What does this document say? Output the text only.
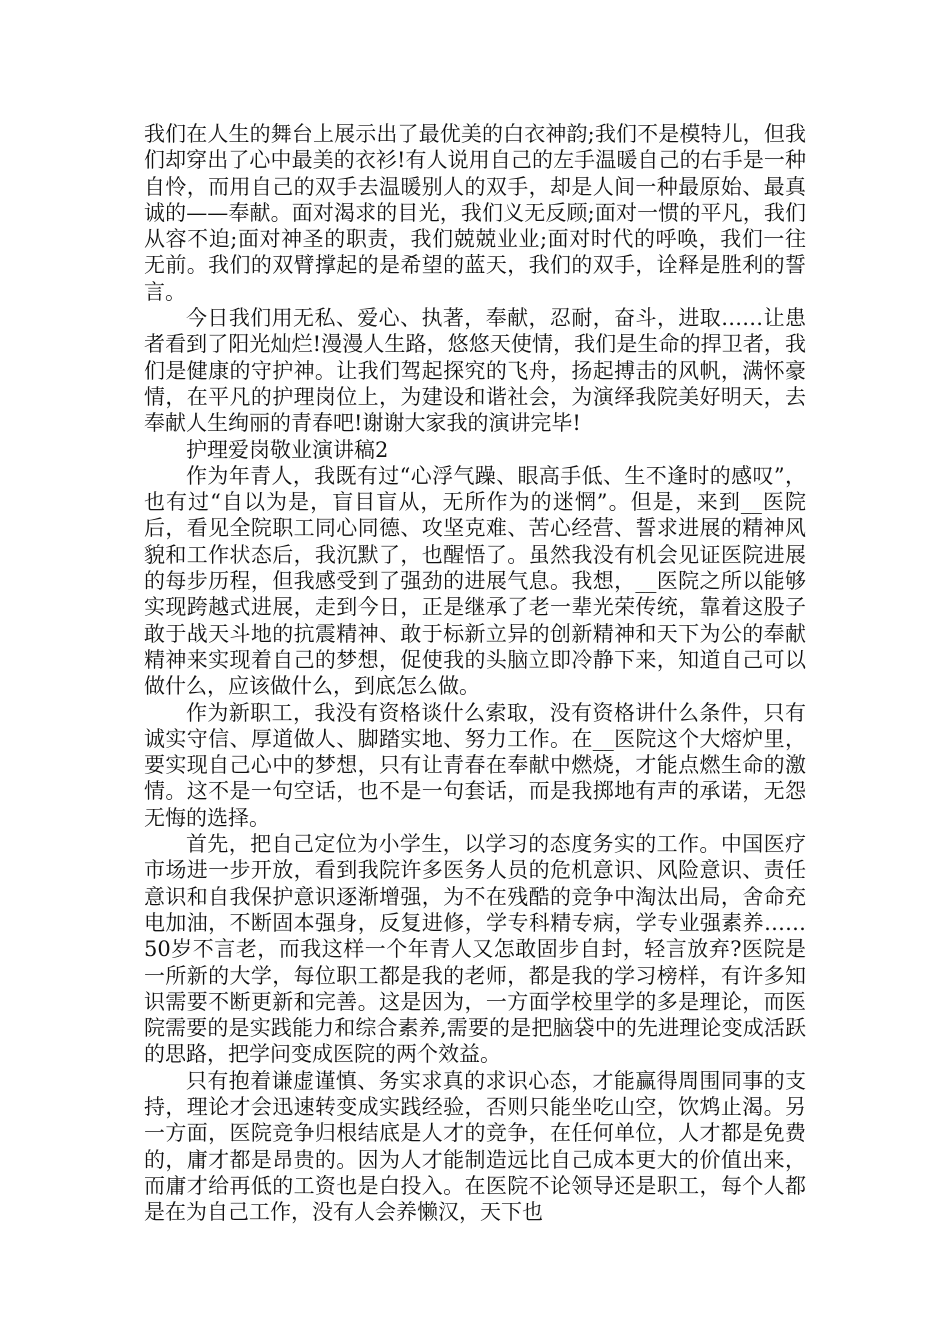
我们在人生的舞台上展示出了最优美的白衣神韵;我们不是模特儿，但我们却穿出了心中最美的衣衫!有人说用自己的左手温暖自己的右手是一种自怜，而用自己的双手去温暖别人的双手，却是人间一种最原始、最真诚的——奉献。面对渴求的目光，我们义无反顾;面对一惯的平凡，我们从容不迫;面对神圣的职责，我们兢兢业业;面对时代的呼唤，我们一往无前。我们的双臂撑起的是希望的蓝天，我们的双手，诠释是胜利的誓言。

今日我们用无私、爱心、执著，奉献，忍耐，奋斗，进取……让患者看到了阳光灿烂!漫漫人生路，悠悠天使情，我们是生命的捍卫者，我们是健康的守护神。让我们驾起探究的飞舟，扬起搏击的风帆，满怀豪情，在平凡的护理岗位上，为建设和谐社会，为演绎我院美好明天，去奉献人生绚丽的青春吧!谢谢大家我的演讲完毕!

护理爱岗敬业演讲稿2

作为年青人，我既有过“心浮气躁、眼高手低、生不逢时的感叹”，也有过“自以为是，盲目盲从，无所作为的迷惘”。但是，来到__医院后，看见全院职工同心同德、攻坚克难、苦心经营、誓求进展的精神风貌和工作状态后，我沉默了，也醒悟了。虽然我没有机会见证医院进展的每步历程，但我感受到了强劲的进展气息。我想，__医院之所以能够实现跨越式进展，走到今日，正是继承了老一辈光荣传统，靠着这股子敢于战天斗地的抗震精神、敢于标新立异的创新精神和天下为公的奉献精神来实现着自己的梦想，促使我的头脑立即冷静下来，知道自己可以做什么，应该做什么，到底怎么做。

作为新职工，我没有资格谈什么索取，没有资格讲什么条件，只有诚实守信、厚道做人、脚踏实地、努力工作。在__医院这个大熔炉里，要实现自己心中的梦想，只有让青春在奉献中燃烧，才能点燃生命的激情。这不是一句空话，也不是一句套话，而是我掷地有声的承诺，无怨无悔的选择。

首先，把自己定位为小学生，以学习的态度务实的工作。中国医疗市场进一步开放，看到我院许多医务人员的危机意识、风险意识、责任意识和自我保护意识逐渐增强，为不在残酷的竞争中淘汰出局，舍命充电加油，不断固本强身，反复进修，学专科精专病，学专业强素养……50岁不言老，而我这样一个年青人又怎敢固步自封，轻言放弃?医院是一所新的大学，每位职工都是我的老师，都是我的学习榜样，有许多知识需要不断更新和完善。这是因为，一方面学校里学的多是理论，而医院需要的是实践能力和综合素养,需要的是把脑袋中的先进理论变成活跃的思路，把学问变成医院的两个效益。

只有抱着谦虚谨慎、务实求真的求识心态，才能赢得周围同事的支持，理论才会迅速转变成实践经验，否则只能坐吃山空，饮鸩止渴。另一方面，医院竞争归根结底是人才的竞争，在任何单位，人才都是免费的，庸才都是昂贵的。因为人才能制造远比自己成本更大的价值出来，而庸才给再低的工资也是白投入。在医院不论领导还是职工，每个人都是在为自己工作，没有人会养懒汉，天下也
